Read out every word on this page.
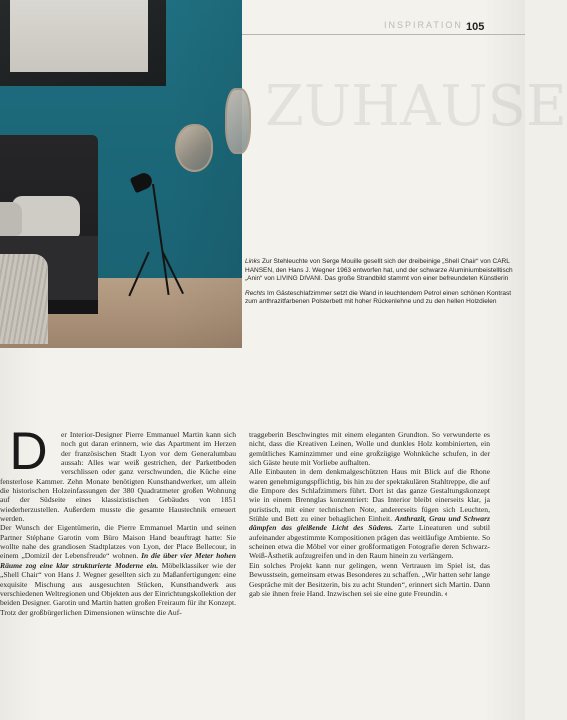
ZUHAUSE
INSPIRATION 105

Links Zur Stehleuchte von Serge Mouille gesellt sich der dreibeinige „Shell Chair“ von CARL HANSEN, den Hans J. Wegner 1963 entworfen hat, und der schwarze Aluminiumbeistelltisch „Anin“ von LIVING DIVANI. Das große Strandbild stammt von einer befreundeten Künstlerin

Rechts Im Gästeschlafzimmer setzt die Wand in leuchtendem Petrol einen schönen Kontrast zum anthrazitfarbenen Polsterbett mit hoher Rückenlehne und zu den hellen Holzdielen

D	er Interior-Designer Pierre Emmanuel Martin kann sich noch gut daran erinnern, wie das Apartment im Herzen der französischen Stadt Lyon vor dem Generalumbau aussah: Alles war weiß gestrichen, der Parkettboden verschlissen oder ganz verschwunden, die Küche eine fensterlose Kammer. Zehn Monate benötigten Kunsthandwerker, um allein die historischen Holzeinfassungen der 380 Quadratmeter großen Wohnung auf der Südseite eines klassizistischen Gebäudes von 1851 wiederherzustellen. Außerdem musste die gesamte Haustechnik erneuert werden.

Der Wunsch der Eigentümerin, die Pierre Emmanuel Martin und seinen Partner Stéphane Garotin vom Büro Maison Hand beauftragt hatte: Sie wollte nahe des grandiosen Stadtplatzes von Lyon, der Place Bellecour, in einem „Domizil der Lebensfreude“ wohnen. In die über vier Meter hohen Räume zog eine klar strukturierte Moderne ein. Möbelklassiker wie der „Shell Chair“ von Hans J. Wegner gesellten sich zu Maßanfertigungen: eine exquisite Mischung aus ausgesuchten Stücken, Kunsthandwerk aus verschiedenen Weltregionen und Objekten aus der Einrichtungskollektion der beiden Designer. Garotin und Martin hatten großen Freiraum für ihr Konzept. Trotz der großbürgerlichen Dimensionen wünschte die Auf-

traggeberin Beschwingtes mit einem eleganten Grundton. So verwunderte es nicht, dass die Kreativen Leinen, Wolle und dunkles Holz kombinierten, ein gemütliches Kaminzimmer und eine großzügige Wohnküche schufen, in der sich Gäste heute mit Vorliebe aufhalten.

Alle Einbauten in dem denkmalgeschützten Haus mit Blick auf die Rhone waren genehmigungspflichtig, bis hin zu der spektakulären Stahltreppe, die auf die Empore des Schlafzimmers führt. Dort ist das ganze Gestaltungskonzept wie in einem Brennglas konzentriert: Das Interior bleibt einerseits klar, ja puristisch, mit einer technischen Note, andererseits fügen sich Leuchten, Stühle und Bett zu einer behaglichen Einheit. Anthrazit, Grau und Schwarz dämpfen das gleißende Licht des Südens. Zarte Lineaturen und subtil aufeinander abgestimmte Kompositionen prägen das weitläufige Ambiente. So scheinen etwa die Möbel vor einer großformatigen Fotografie deren Schwarz-Weiß-Ästhetik aufzugreifen und in den Raum hinein zu verlängern.

Ein solches Projekt kann nur gelingen, wenn Vertrauen im Spiel ist, das Bewusstsein, gemeinsam etwas Besonderes zu schaffen. „Wir hatten sehr lange Gespräche mit der Besitzerin, bis zu acht Stunden“, erinnert sich Martin. Dann gab sie ihnen freie Hand. Inzwischen sei sie eine gute Freundin. ‹
